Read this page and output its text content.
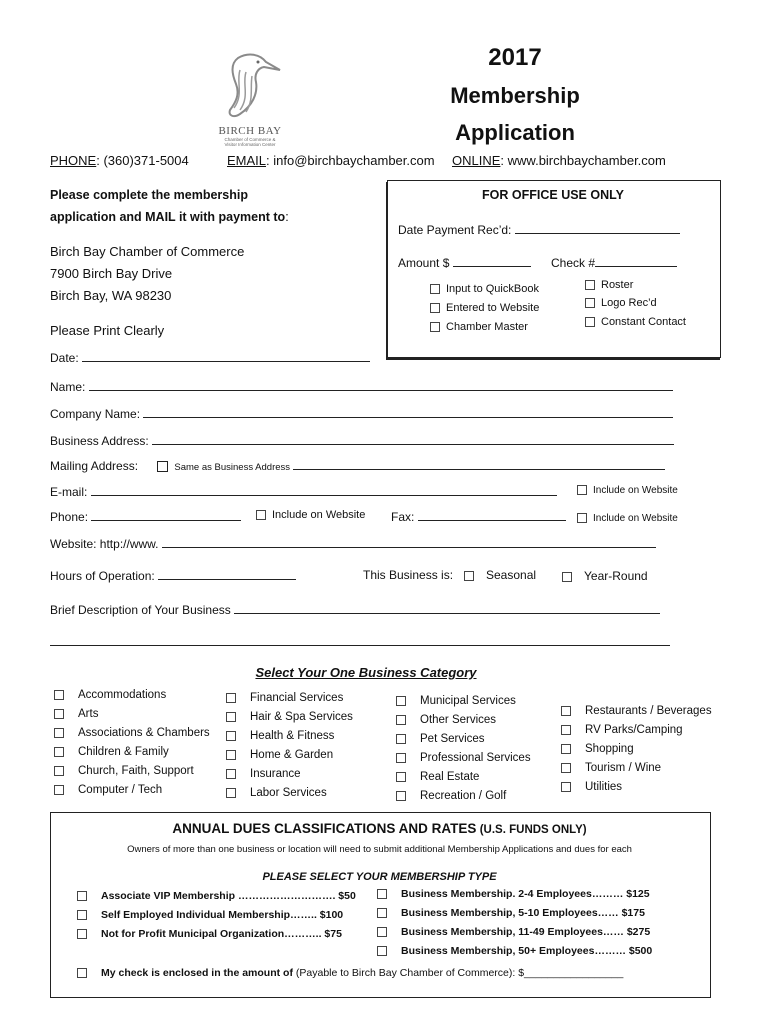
BIRCH BAY
Chamber of Commerce &
Visitor Information Center
2017
Membership
Application
PHONE: (360)371-5004	EMAIL: info@birchbaychamber.com ONLINE: www.birchbaychamber.com
Please complete the membership
application and MAIL it with payment to:
Birch Bay Chamber of Commerce
7900 Birch Bay Drive
Birch Bay, WA 98230
Please Print Clearly
FOR OFFICE USE ONLY
Date Payment Rec’d:
Amount $	Check #
Input to QuickBook
Entered to Website
Chamber Master
Roster
Logo Rec’d
Constant Contact
Date:
Name:
Company Name:
Business Address:
Mailing Address:	Same as Business Address
E-mail:	Include on Website
Phone:	Include on Website Fax:	Include on Website
Website: http://www.
Hours of Operation:	This Business is:	Seasonal	Year-Round
Brief Description of Your Business
Select Your One Business Category
Accommodations
Arts
Associations & Chambers
Children & Family
Church, Faith, Support
Computer / Tech
Financial Services
Hair & Spa Services
Health & Fitness
Home & Garden
Insurance
Labor Services
Municipal Services
Other Services
Pet Services
Professional Services
Real Estate
Recreation / Golf
Restaurants / Beverages
RV Parks/Camping
Shopping
Tourism / Wine
Utilities
ANNUAL DUES CLASSIFICATIONS AND RATES (U.S. FUNDS ONLY)
Owners of more than one business or location will need to submit additional Membership Applications and dues for each
PLEASE SELECT YOUR MEMBERSHIP TYPE
Associate VIP Membership ………………………. $50
Self Employed Individual Membership…….. $100
Not for Profit Municipal Organization……….. $75
Business Membership. 2-4 Employees……… $125
Business Membership, 5-10 Employees…… $175
Business Membership, 11-49 Employees…… $275
Business Membership, 50+ Employees……… $500
My check is enclosed in the amount of (Payable to Birch Bay Chamber of Commerce): $_________________
